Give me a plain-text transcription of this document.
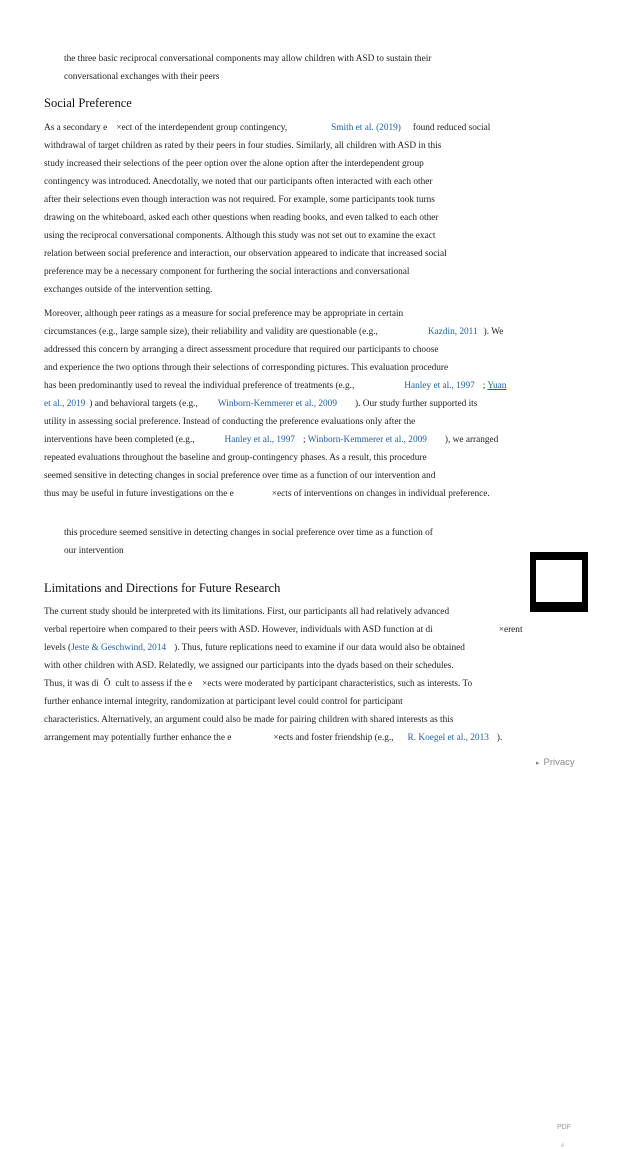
the three basic reciprocal conversational components may allow children with ASD to sustain their
conversational exchanges with their peers
Social Preference
As a secondary e ×ect of the interdependent group contingency,	Smith et al. (2019) found reduced social
withdrawal of target children as rated by their peers in four studies. Similarly, all children with ASD in this
study increased their selections of the peer option over the alone option after the interdependent group
contingency was introduced. Anecdotally, we noted that our participants often interacted with each other
after their selections even though interaction was not required. For example, some participants took turns
drawing on the whiteboard, asked each other questions when reading books, and even talked to each other
using the reciprocal conversational components. Although this study was not set out to examine the exact
relation between social preference and interaction, our observation appeared to indicate that increased social
preference may be a necessary component for furthering the social interactions and conversational
exchanges outside of the intervention setting.
Moreover, although peer ratings as a measure for social preference may be appropriate in certain
circumstances (e.g., large sample size), their reliability and validity are questionable (e.g.,	Kazdin, 2011 ). We
addressed this concern by arranging a direct assessment procedure that required our participants to choose
and experience the two options through their selections of corresponding pictures. This evaluation procedure
has been predominantly used to reveal the individual preference of treatments (e.g.,	Hanley et al., 1997 ; Yuan
et al., 2019 ) and behavioral targets (e.g., Winborn-Kemmerer et al., 2009 ). Our study further supported its
utility in assessing social preference. Instead of conducting the preference evaluations only after the
interventions have been completed (e.g.,	Hanley et al., 1997 ; Winborn-Kemmerer et al., 2009 ), we arranged
repeated evaluations throughout the baseline and group-contingency phases. As a result, this procedure
seemed sensitive in detecting changes in social preference over time as a function of our intervention and
thus may be useful in future investigations on the e	×ects of interventions on changes in individual preference.
this procedure seemed sensitive in detecting changes in social preference over time as a function of
our intervention
PDF
e
Limitations and Directions for Future Research
The current study should be interpreted with its limitations. First, our participants all had relatively advanced
verbal repertoire when compared to their peers with ASD. However, individuals with ASD function at di	×erent
levels (Jeste & Geschwind, 2014 ). Thus, future replications need to examine if our data would also be obtained
with other children with ASD. Relatedly, we assigned our participants into the dyads based on their schedules.
Thus, it was di Õ cult to assess if the e ×ects were moderated by participant characteristics, such as interests. To
further enhance internal integrity, randomization at participant level could control for participant
characteristics. Alternatively, an argument could also be made for pairing children with shared interests as this
arrangement may potentially further enhance the e	×ects and foster friendship (e.g., R. Koegel et al., 2013 ).
▸ Privacy
